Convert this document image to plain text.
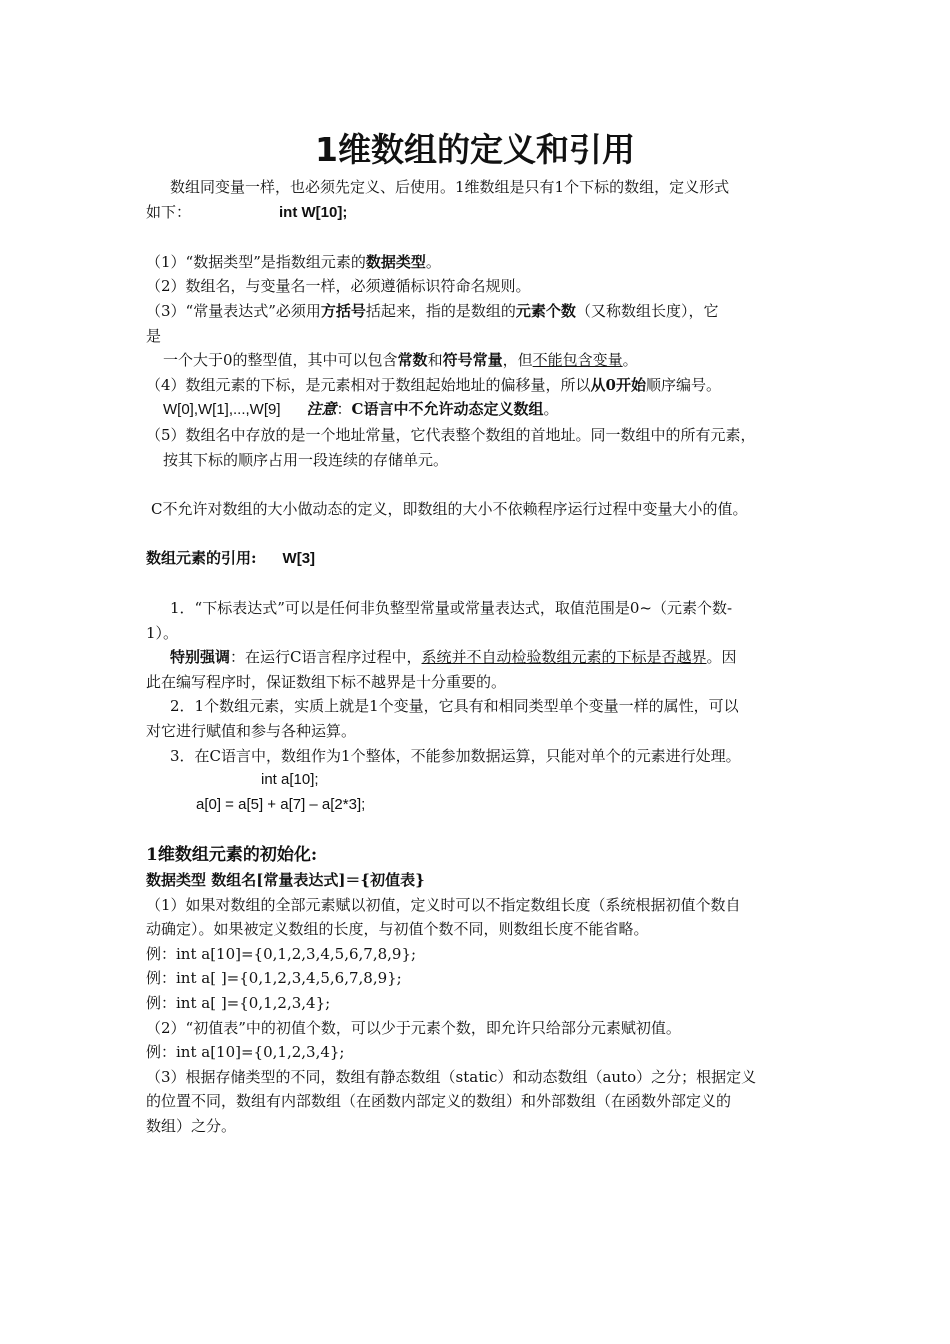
1维数组的定义和引用
数组同变量一样，也必须先定义、后使用。1维数组是只有1个下标的数组，定义形式
如下：	int W[10];
（1）“数据类型”是指数组元素的数据类型。
（2）数组名，与变量名一样，必须遵循标识符命名规则。
（3）“常量表达式”必须用方括号括起来，指的是数组的元素个数（又称数组长度），它
是
一个大于0的整型值，其中可以包含常数和符号常量，但不能包含变量。
（4）数组元素的下标，是元素相对于数组起始地址的偏移量，所以从0开始顺序编号。
W[0],W[1],...,W[9] 注意：C语言中不允许动态定义数组。
（5）数组名中存放的是一个地址常量，它代表整个数组的首地址。同一数组中的所有元素，
按其下标的顺序占用一段连续的存储单元。
C不允许对数组的大小做动态的定义，即数组的大小不依赖程序运行过程中变量大小的值。
数组元素的引用: W[3]
1．“下标表达式”可以是任何非负整型常量或常量表达式，取值范围是0~（元素个数-
1）。
特别强调：在运行C语言程序过程中，系统并不自动检验数组元素的下标是否越界。因
此在编写程序时，保证数组下标不越界是十分重要的。
2．1个数组元素，实质上就是1个变量，它具有和相同类型单个变量一样的属性，可以
对它进行赋值和参与各种运算。
3．在C语言中，数组作为1个整体，不能参加数据运算，只能对单个的元素进行处理。
int a[10];
a[0] = a[5] + a[7] – a[2*3];
1维数组元素的初始化:
数据类型 数组名[常量表达式]＝{初值表}
（1）如果对数组的全部元素赋以初值，定义时可以不指定数组长度（系统根据初值个数自
动确定）。如果被定义数组的长度，与初值个数不同，则数组长度不能省略。
例：int a[10]={0,1,2,3,4,5,6,7,8,9};
例：int a[ ]={0,1,2,3,4,5,6,7,8,9};
例：int a[ ]={0,1,2,3,4};
（2）“初值表”中的初值个数，可以少于元素个数，即允许只给部分元素赋初值。
例：int a[10]={0,1,2,3,4};
（3）根据存储类型的不同，数组有静态数组（static）和动态数组（auto）之分；根据定义
的位置不同，数组有内部数组（在函数内部定义的数组）和外部数组（在函数外部定义的
数组）之分。
